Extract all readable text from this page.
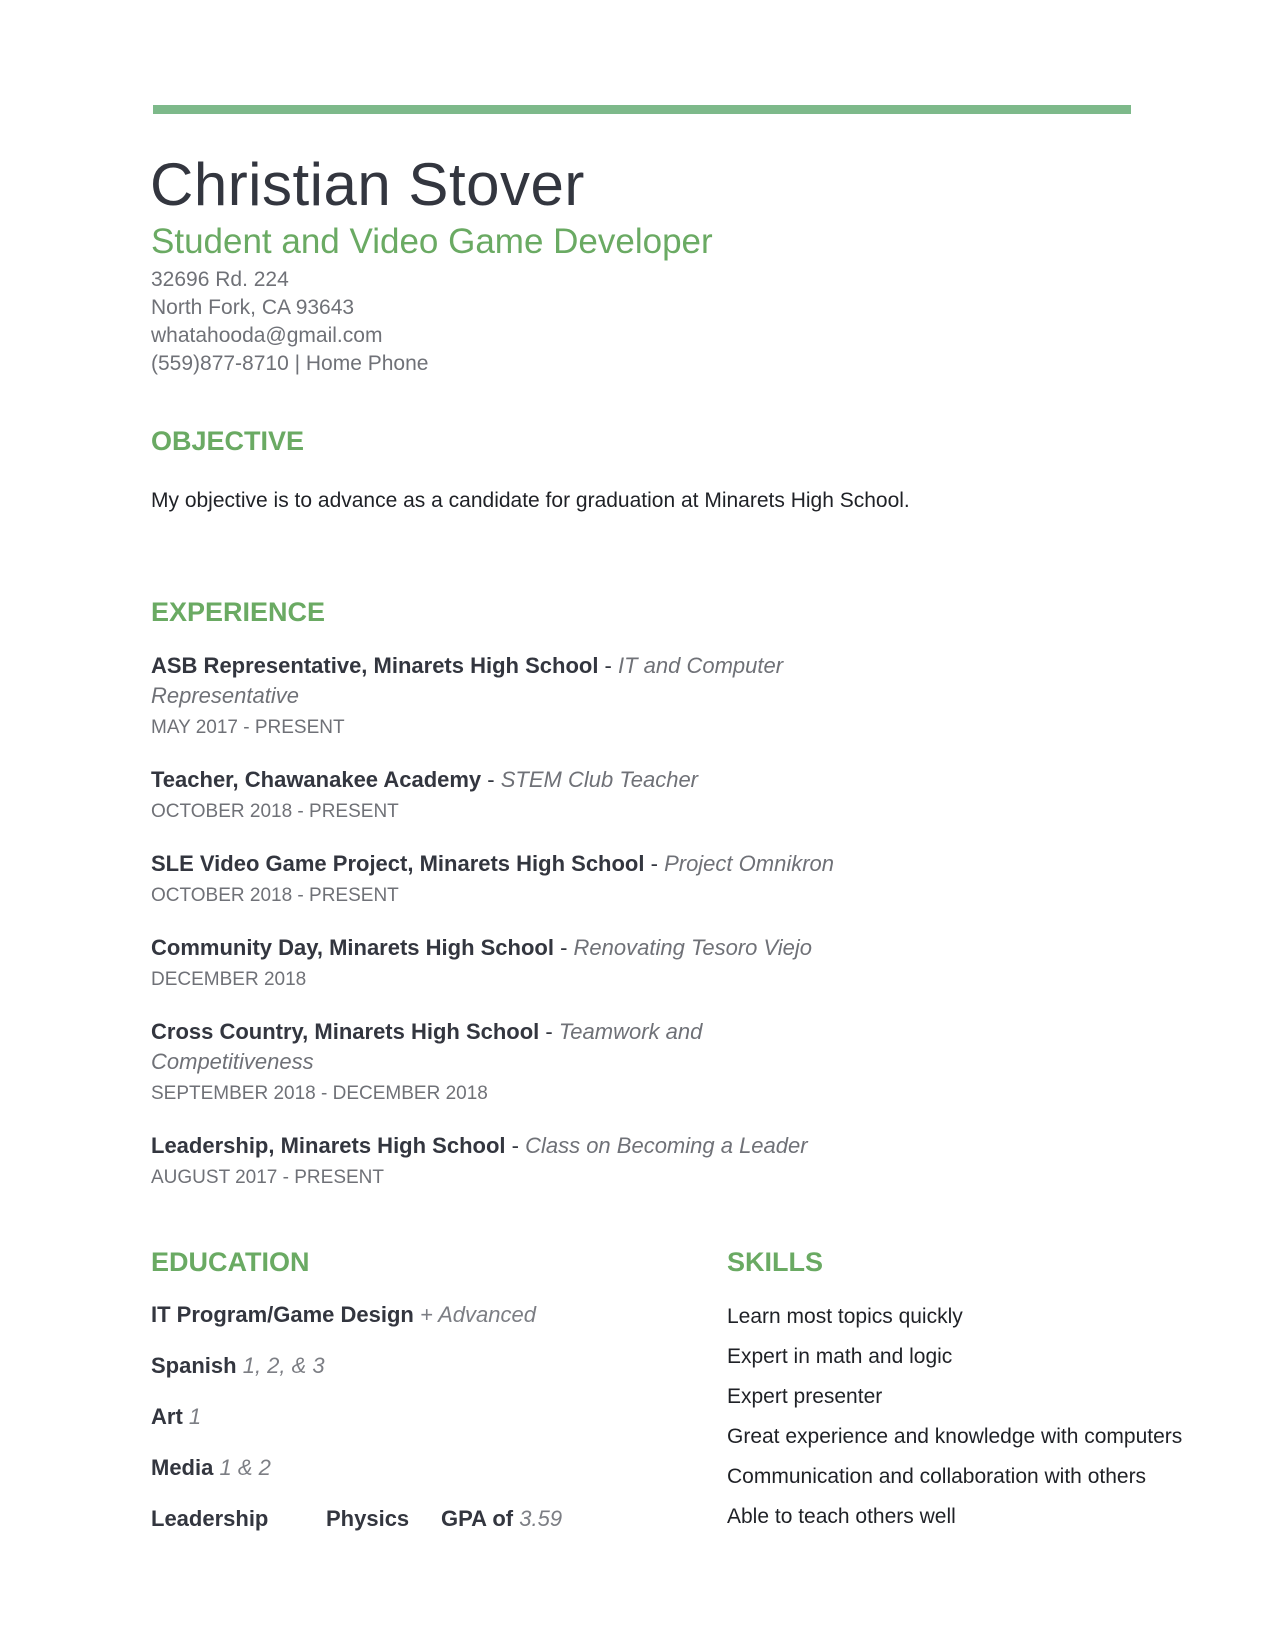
Christian Stover
Student and Video Game Developer
32696 Rd. 224
North Fork, CA 93643
whatahooda@gmail.com
(559)877-8710 | Home Phone
OBJECTIVE
My objective is to advance as a candidate for graduation at Minarets High School.
EXPERIENCE
ASB Representative, Minarets High School - IT and Computer Representative
MAY 2017 - PRESENT
Teacher, Chawanakee Academy - STEM Club Teacher
OCTOBER 2018 - PRESENT
SLE Video Game Project, Minarets High School - Project Omnikron
OCTOBER 2018 - PRESENT
Community Day, Minarets High School - Renovating Tesoro Viejo
DECEMBER 2018
Cross Country, Minarets High School - Teamwork and Competitiveness
SEPTEMBER 2018 - DECEMBER 2018
Leadership, Minarets High School - Class on Becoming a Leader
AUGUST 2017 - PRESENT
EDUCATION
IT Program/Game Design + Advanced
Spanish 1, 2, & 3
Art 1
Media 1 & 2
Leadership	Physics GPA of 3.59
SKILLS
Learn most topics quickly
Expert in math and logic
Expert presenter
Great experience and knowledge with computers
Communication and collaboration with others
Able to teach others well
